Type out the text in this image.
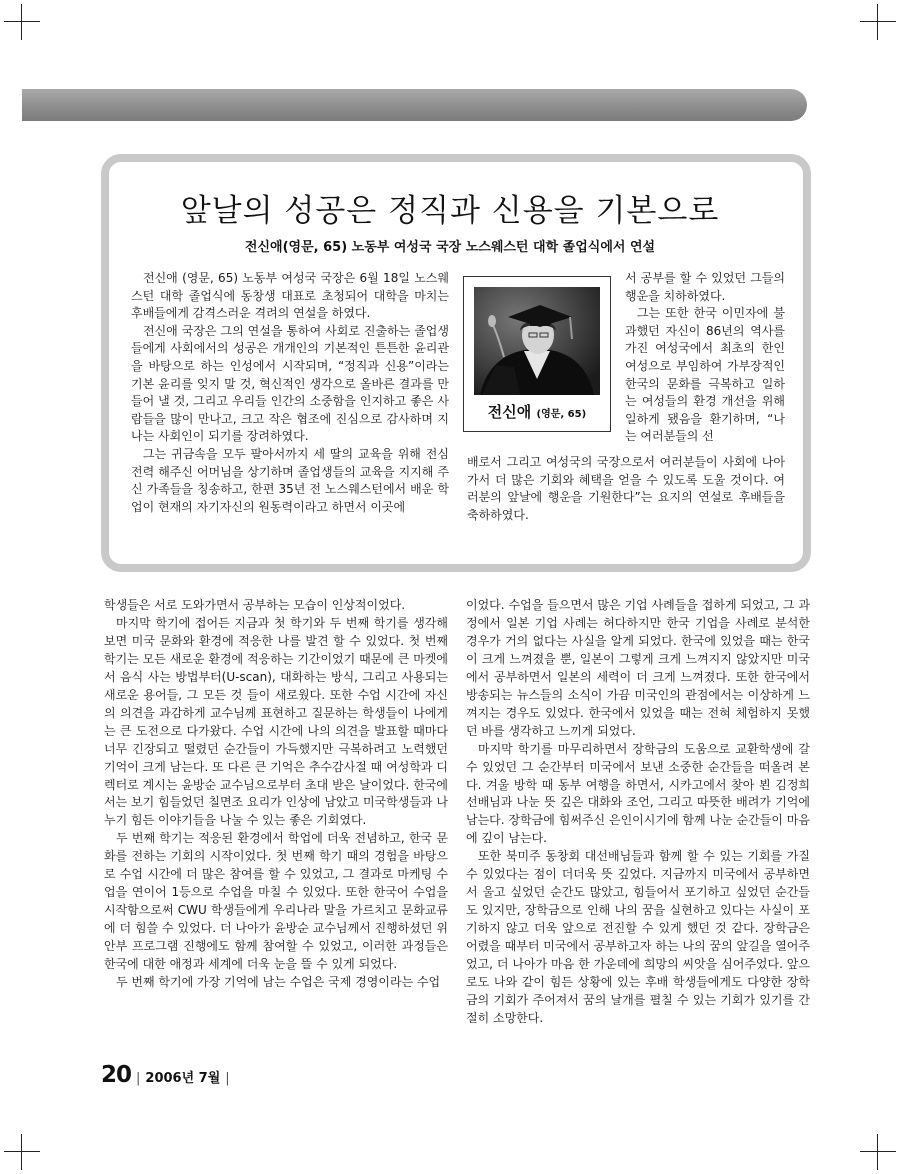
앞날의 성공은 정직과 신용을 기본으로
전신애(영문, 65) 노동부 여성국 국장 노스웨스턴 대학 졸업식에서 연설

전신애 (영문, 65) 노동부 여성국 국장은 6월 18일 노스웨스턴 대학 졸업식에 동창생 대표로 초청되어 대학을 마치는 후배들에게 감격스러운 격려의 연설을 하였다.

전신애 국장은 그의 연설을 통하여 사회로 진출하는 졸업생들에게 사회에서의 성공은 개개인의 기본적인 튼튼한 윤리관을 바탕으로 하는 인성에서 시작되며, “정직과 신용”이라는 기본 윤리를 잊지 말 것, 혁신적인 생각으로 올바른 결과를 만들어 낼 것, 그리고 우리들 인간의 소중함을 인지하고 좋은 사람들을 많이 만나고, 크고 작은 협조에 진심으로 감사하며 지나는 사회인이 되기를 장려하였다.

그는 귀금속을 모두 팔아서까지 세 딸의 교육을 위해 전심전력 해주신 어머님을 상기하며 졸업생들의 교육을 지지해 주신 가족들을 칭송하고, 한편 35년 전 노스웨스턴에서 배운 학업이 현재의 자기자신의 원동력이라고 하면서 이곳에

전신애 (영문, 65)

서 공부를 할 수 있었던 그들의 행운을 치하하였다.

그는 또한 한국 이민자에 불과했던 자신이 86년의 역사를 가진 여성국에서 최초의 한인 여성으로 부임하여 가부장적인 한국의 문화를 극복하고 일하는 여성들의 환경 개선을 위해 일하게 됐음을 환기하며, “나는 여러분들의 선

배로서 그리고 여성국의 국장으로서 여러분들이 사회에 나아가서 더 많은 기회와 혜택을 얻을 수 있도록 도울 것이다. 여러분의 앞날에 행운을 기원한다”는 요지의 연설로 후배들을 축하하였다.

학생들은 서로 도와가면서 공부하는 모습이 인상적이었다.

마지막 학기에 접어든 지금과 첫 학기와 두 번째 학기를 생각해 보면 미국 문화와 환경에 적응한 나를 발견 할 수 있었다. 첫 번째 학기는 모든 새로운 환경에 적응하는 기간이었기 때문에 큰 마켓에서 음식 사는 방법부터(U-scan), 대화하는 방식, 그리고 사용되는 새로운 용어들, 그 모든 것 들이 새로웠다. 또한 수업 시간에 자신의 의견을 과감하게 교수님께 표현하고 질문하는 학생들이 나에게는 큰 도전으로 다가왔다. 수업 시간에 나의 의견을 발표할 때마다 너무 긴장되고 떨렸던 순간들이 가득했지만 극복하려고 노력했던 기억이 크게 남는다. 또 다른 큰 기억은 추수감사절 때 여성학과 디렉터로 계시는 윤방순 교수님으로부터 초대 받은 날이었다. 한국에서는 보기 힘들었던 칠면조 요리가 인상에 남았고 미국학생들과 나누기 힘든 이야기들을 나눌 수 있는 좋은 기회였다.

두 번째 학기는 적응된 환경에서 학업에 더욱 전념하고, 한국 문화를 전하는 기회의 시작이었다. 첫 번째 학기 때의 경험을 바탕으로 수업 시간에 더 많은 참여를 할 수 있었고, 그 결과로 마케팅 수업을 연이어 1등으로 수업을 마칠 수 있었다. 또한 한국어 수업을 시작함으로써 CWU 학생들에게 우리나라 말을 가르치고 문화교류에 더 힘쓸 수 있었다. 더 나아가 윤방순 교수님께서 진행하셨던 위안부 프로그램 진행에도 함께 참여할 수 있었고, 이러한 과정들은 한국에 대한 애정과 세계에 더욱 눈을 뜰 수 있게 되었다.

두 번째 학기에 가장 기억에 남는 수업은 국제 경영이라는 수업

이었다. 수업을 들으면서 많은 기업 사례들을 접하게 되었고, 그 과정에서 일본 기업 사례는 허다하지만 한국 기업을 사례로 분석한 경우가 거의 없다는 사실을 알게 되었다. 한국에 있었을 때는 한국이 크게 느껴졌을 뿐, 일본이 그렇게 크게 느껴지지 않았지만 미국에서 공부하면서 일본의 세력이 더 크게 느껴졌다. 또한 한국에서 방송되는 뉴스들의 소식이 가끔 미국인의 관점에서는 이상하게 느껴지는 경우도 있었다. 한국에서 있었을 때는 전혀 체험하지 못했던 바를 생각하고 느끼게 되었다.

마지막 학기를 마무리하면서 장학금의 도움으로 교환학생에 갈 수 있었던 그 순간부터 미국에서 보낸 소중한 순간들을 떠올려 본다. 겨울 방학 때 동부 여행을 하면서, 시카고에서 찾아 뵌 김정희 선배님과 나눈 뜻 깊은 대화와 조언, 그리고 따뜻한 배려가 기억에 남는다. 장학금에 힘써주신 은인이시기에 함께 나눈 순간들이 마음에 깊이 남는다.

또한 북미주 동창회 대선배님들과 함께 할 수 있는 기회를 가질 수 있었다는 점이 더더욱 뜻 깊었다. 지금까지 미국에서 공부하면서 울고 싶었던 순간도 많았고, 힘들어서 포기하고 싶었던 순간들도 있지만, 장학금으로 인해 나의 꿈을 실현하고 있다는 사실이 포기하지 않고 더욱 앞으로 전진할 수 있게 했던 것 같다. 장학금은 어렸을 때부터 미국에서 공부하고자 하는 나의 꿈의 앞길을 열어주었고, 더 나아가 마음 한 가운데에 희망의 씨앗을 심어주었다. 앞으로도 나와 같이 힘든 상황에 있는 후배 학생들에게도 다양한 장학금의 기회가 주어져서 꿈의 날개를 펼칠 수 있는 기회가 있기를 간절히 소망한다.

20 | 2006년 7월 |
